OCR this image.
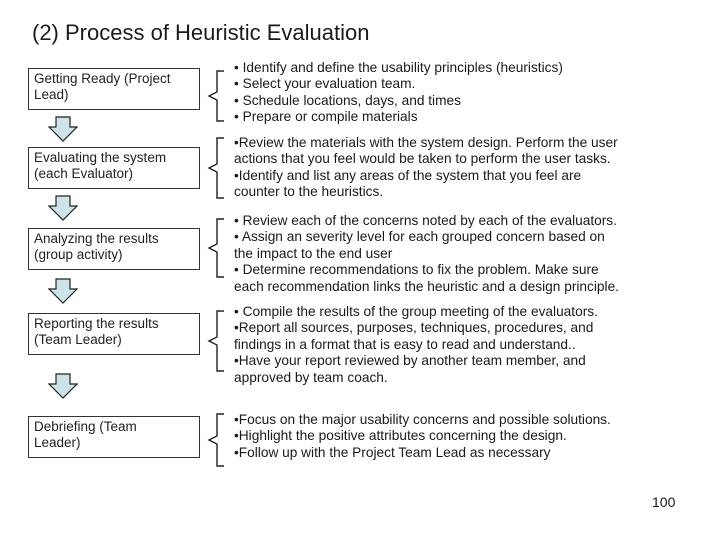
(2) Process of Heuristic Evaluation
Getting Ready (Project
Lead)
• Identify and define the usability principles (heuristics)
• Select your evaluation team.
• Schedule locations, days, and times
• Prepare or compile materials
Evaluating the system
(each Evaluator)
•Review the materials with the system design. Perform the user
actions that you feel would be taken to perform the user tasks.
•Identify and list any areas of the system that you feel are
counter to the heuristics.
Analyzing the results
(group activity)
• Review each of the concerns noted by each of the evaluators.
• Assign an severity level for each grouped concern based on
the impact to the end user
• Determine recommendations to fix the problem. Make sure
each recommendation links the heuristic and a design principle.
Reporting the results
(Team Leader)
• Compile the results of the group meeting of the evaluators.
•Report all sources, purposes, techniques, procedures, and
findings in a format that is easy to read and understand..
•Have your report reviewed by another team member, and
approved by team coach.
Debriefing (Team
Leader)
•Focus on the major usability concerns and possible solutions.
•Highlight the positive attributes concerning the design.
•Follow up with the Project Team Lead as necessary
100
